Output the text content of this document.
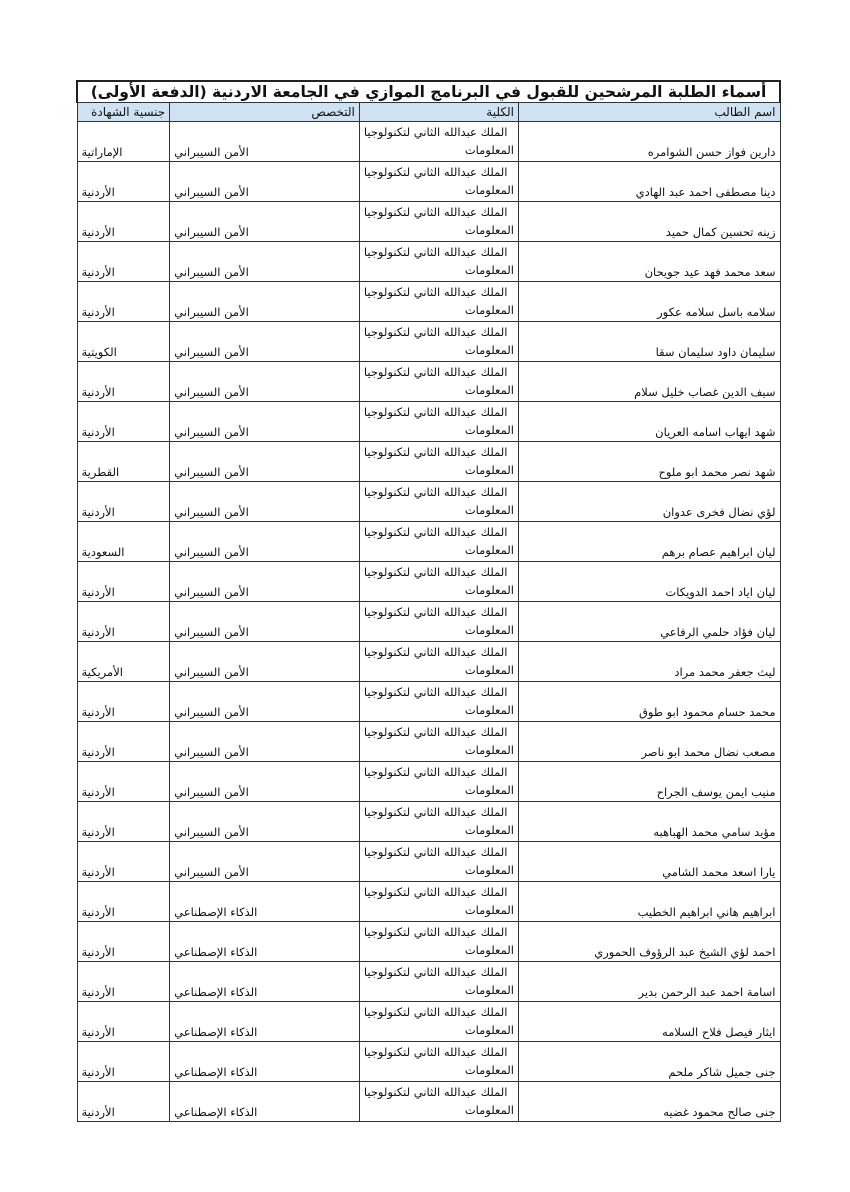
أسماء الطلبة المرشحين للقبول في البرنامج الموازي في الجامعة الاردنية (الدفعة الأولى)			
اسم الطالب	الكلية	التخصص	جنسية الشهادة
دارين فواز حسن الشوامره	الملك عبدالله الثاني لتكنولوجيا
المعلومات	الأمن السيبراني	الإماراتية
دينا مصطفى احمد عبد الهادي	الملك عبدالله الثاني لتكنولوجيا
المعلومات	الأمن السيبراني	الأردنية
زينه تحسين كمال حميد	الملك عبدالله الثاني لتكنولوجيا
المعلومات	الأمن السيبراني	الأردنية
سعد محمد فهد عيد جويحان	الملك عبدالله الثاني لتكنولوجيا
المعلومات	الأمن السيبراني	الأردنية
سلامه باسل سلامه عكور	الملك عبدالله الثاني لتكنولوجيا
المعلومات	الأمن السيبراني	الأردنية
سليمان داود سليمان سقا	الملك عبدالله الثاني لتكنولوجيا
المعلومات	الأمن السيبراني	الكويتية
سيف الدين غصاب خليل سلام	الملك عبدالله الثاني لتكنولوجيا
المعلومات	الأمن السيبراني	الأردنية
شهد ايهاب اسامه العريان	الملك عبدالله الثاني لتكنولوجيا
المعلومات	الأمن السيبراني	الأردنية
شهد نصر محمد ابو ملوح	الملك عبدالله الثاني لتكنولوجيا
المعلومات	الأمن السيبراني	القطرية
لؤي نضال فخرى عدوان	الملك عبدالله الثاني لتكنولوجيا
المعلومات	الأمن السيبراني	الأردنية
ليان ابراهيم عصام برهم	الملك عبدالله الثاني لتكنولوجيا
المعلومات	الأمن السيبراني	السعودية
ليان اياد احمد الدويكات	الملك عبدالله الثاني لتكنولوجيا
المعلومات	الأمن السيبراني	الأردنية
ليان فؤاد حلمي الرفاعي	الملك عبدالله الثاني لتكنولوجيا
المعلومات	الأمن السيبراني	الأردنية
ليث جعفر محمد مراد	الملك عبدالله الثاني لتكنولوجيا
المعلومات	الأمن السيبراني	الأمريكية
محمد حسام محمود ابو طوق	الملك عبدالله الثاني لتكنولوجيا
المعلومات	الأمن السيبراني	الأردنية
مصعب نضال محمد ابو ناصر	الملك عبدالله الثاني لتكنولوجيا
المعلومات	الأمن السيبراني	الأردنية
منيب ايمن يوسف الجراح	الملك عبدالله الثاني لتكنولوجيا
المعلومات	الأمن السيبراني	الأردنية
مؤيد سامي محمد الهباهبه	الملك عبدالله الثاني لتكنولوجيا
المعلومات	الأمن السيبراني	الأردنية
يارا اسعد محمد الشامي	الملك عبدالله الثاني لتكنولوجيا
المعلومات	الأمن السيبراني	الأردنية
ابراهيم هاني ابراهيم الخطيب	الملك عبدالله الثاني لتكنولوجيا
المعلومات	الذكاء الإصطناعي	الأردنية
احمد لؤي الشيخ عبد الرؤوف الحموري	الملك عبدالله الثاني لتكنولوجيا
المعلومات	الذكاء الإصطناعي	الأردنية
اسامة احمد عبد الرحمن بدير	الملك عبدالله الثاني لتكنولوجيا
المعلومات	الذكاء الإصطناعي	الأردنية
ايثار فيصل فلاح السلامه	الملك عبدالله الثاني لتكنولوجيا
المعلومات	الذكاء الإصطناعي	الأردنية
جنى جميل شاكر ملحم	الملك عبدالله الثاني لتكنولوجيا
المعلومات	الذكاء الإصطناعي	الأردنية
جنى صالح محمود غضيه	الملك عبدالله الثاني لتكنولوجيا
المعلومات	الذكاء الإصطناعي	الأردنية
